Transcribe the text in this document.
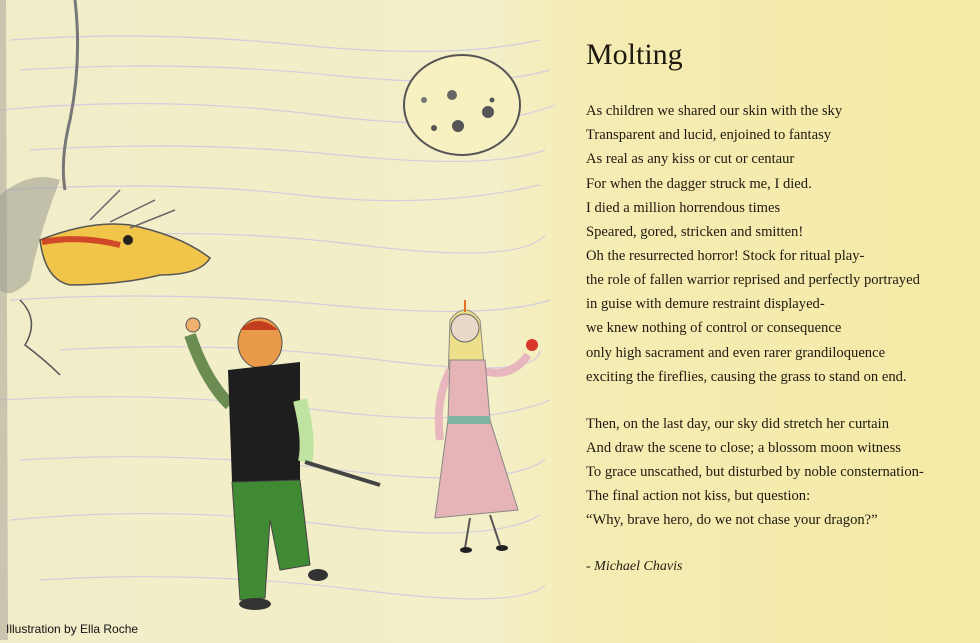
Molting
As children we shared our skin with the sky
Transparent and lucid, enjoined to fantasy
As real as any kiss or cut or centaur
For when the dagger struck me, I died.
I died a million horrendous times
Speared, gored, stricken and smitten!
Oh the resurrected horror! Stock for ritual play-
the role of fallen warrior reprised and perfectly portrayed
in guise with demure restraint displayed-
we knew nothing of control or consequence
only high sacrament and even rarer grandiloquence
exciting the fireflies, causing the grass to stand on end.
Then, on the last day, our sky did stretch her curtain
And draw the scene to close; a blossom moon witness
To grace unscathed, but disturbed by noble consternation-
The final action not kiss, but question:
“Why, brave hero, do we not chase your dragon?”
- Michael Chavis
Illustration by Ella Roche
